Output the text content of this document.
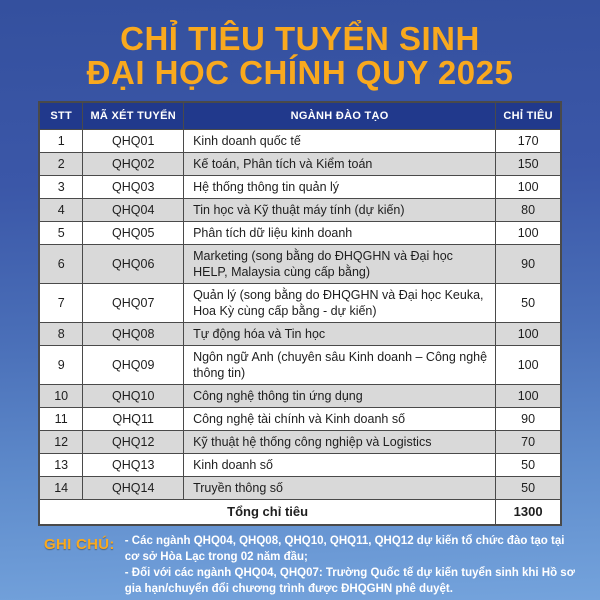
CHỈ TIÊU TUYỂN SINH
ĐẠI HỌC CHÍNH QUY 2025
STT	MÃ XÉT TUYỂN	NGÀNH ĐÀO TẠO	CHỈ TIÊU
1	QHQ01	Kinh doanh quốc tế	170
2	QHQ02	Kế toán, Phân tích và Kiểm toán	150
3	QHQ03	Hệ thống thông tin quản lý	100
4	QHQ04	Tin học và Kỹ thuật máy tính (dự kiến)	80
5	QHQ05	Phân tích dữ liệu kinh doanh	100
6	QHQ06	Marketing (song bằng do ĐHQGHN và Đại học HELP, Malaysia cùng cấp bằng)	90
7	QHQ07	Quản lý (song bằng do ĐHQGHN và Đại học Keuka, Hoa Kỳ cùng cấp bằng - dự kiến)	50
8	QHQ08	Tự động hóa và Tin học	100
9	QHQ09	Ngôn ngữ Anh (chuyên sâu Kinh doanh – Công nghệ thông tin)	100
10	QHQ10	Công nghệ thông tin ứng dụng	100
11	QHQ11	Công nghệ tài chính và Kinh doanh số	90
12	QHQ12	Kỹ thuật hệ thống công nghiệp và Logistics	70
13	QHQ13	Kinh doanh số	50
14	QHQ14	Truyền thông số	50
Tổng chỉ tiêu			1300
GHI CHÚ: - Các ngành QHQ04, QHQ08, QHQ10, QHQ11, QHQ12 dự kiến tổ chức đào tạo tại cơ sở Hòa Lạc trong 02 năm đầu;

- Đối với các ngành QHQ04, QHQ07: Trường Quốc tế dự kiến tuyển sinh khi Hồ sơ gia hạn/chuyển đổi chương trình được ĐHQGHN phê duyệt.
